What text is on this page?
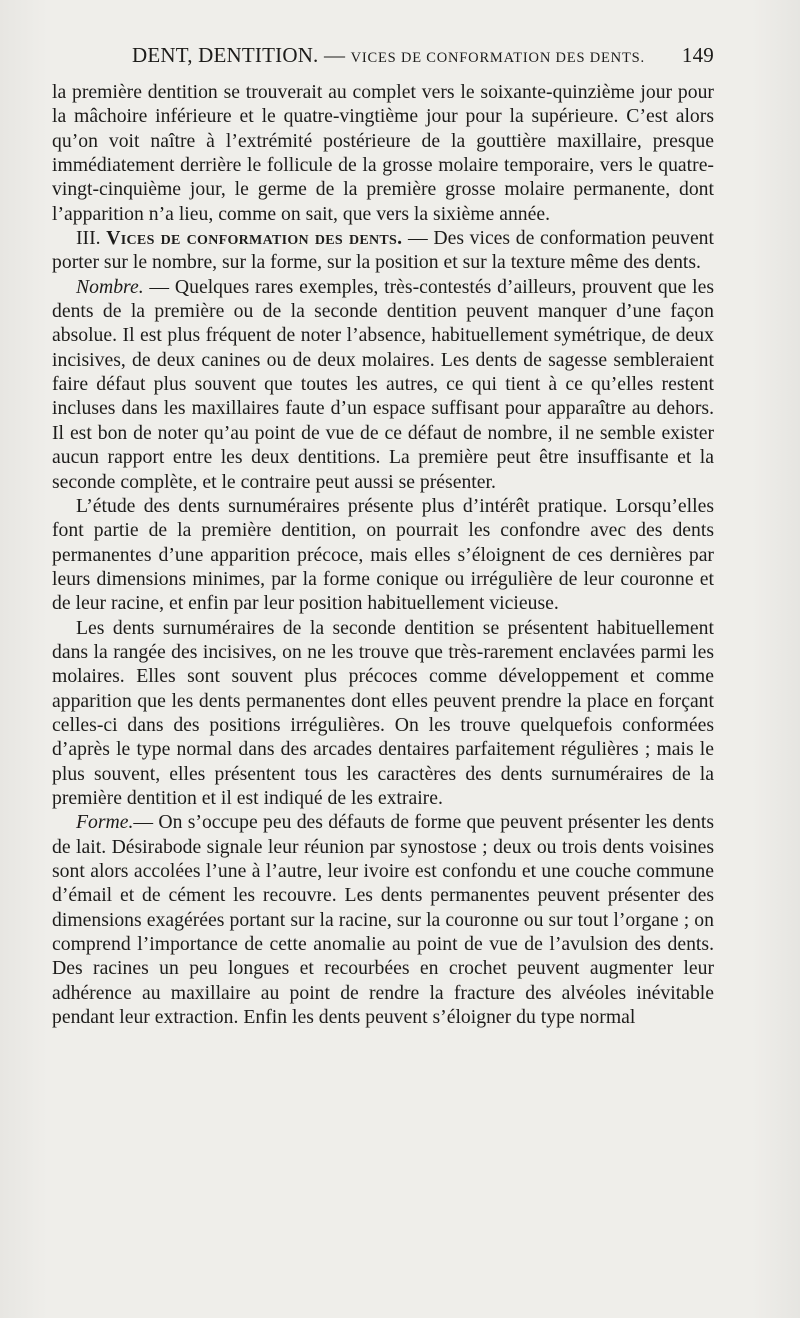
DENT, DENTITION. — VICES DE CONFORMATION DES DENTS. 149

la première dentition se trouverait au complet vers le soixante-quinzième jour pour la mâchoire inférieure et le quatre-vingtième jour pour la supérieure. C’est alors qu’on voit naître à l’extrémité postérieure de la gouttière maxillaire, presque immédiatement derrière le follicule de la grosse molaire temporaire, vers le quatre-vingt-cinquième jour, le germe de la première grosse molaire permanente, dont l’apparition n’a lieu, comme on sait, que vers la sixième année.

III. Vices de conformation des dents. — Des vices de conformation peuvent porter sur le nombre, sur la forme, sur la position et sur la texture même des dents.

Nombre. — Quelques rares exemples, très-contestés d’ailleurs, prouvent que les dents de la première ou de la seconde dentition peuvent manquer d’une façon absolue. Il est plus fréquent de noter l’absence, habituellement symétrique, de deux incisives, de deux canines ou de deux molaires. Les dents de sagesse sembleraient faire défaut plus souvent que toutes les autres, ce qui tient à ce qu’elles restent incluses dans les maxillaires faute d’un espace suffisant pour apparaître au dehors. Il est bon de noter qu’au point de vue de ce défaut de nombre, il ne semble exister aucun rapport entre les deux dentitions. La première peut être insuffisante et la seconde complète, et le contraire peut aussi se présenter.

L’étude des dents surnuméraires présente plus d’intérêt pratique. Lorsqu’elles font partie de la première dentition, on pourrait les confondre avec des dents permanentes d’une apparition précoce, mais elles s’éloignent de ces dernières par leurs dimensions minimes, par la forme conique ou irrégulière de leur couronne et de leur racine, et enfin par leur position habituellement vicieuse.

Les dents surnuméraires de la seconde dentition se présentent habituellement dans la rangée des incisives, on ne les trouve que très-rarement enclavées parmi les molaires. Elles sont souvent plus précoces comme développement et comme apparition que les dents permanentes dont elles peuvent prendre la place en forçant celles-ci dans des positions irrégulières. On les trouve quelquefois conformées d’après le type normal dans des arcades dentaires parfaitement régulières ; mais le plus souvent, elles présentent tous les caractères des dents surnuméraires de la première dentition et il est indiqué de les extraire.

Forme.— On s’occupe peu des défauts de forme que peuvent présenter les dents de lait. Désirabode signale leur réunion par synostose ; deux ou trois dents voisines sont alors accolées l’une à l’autre, leur ivoire est confondu et une couche commune d’émail et de cément les recouvre. Les dents permanentes peuvent présenter des dimensions exagérées portant sur la racine, sur la couronne ou sur tout l’organe ; on comprend l’importance de cette anomalie au point de vue de l’avulsion des dents. Des racines un peu longues et recourbées en crochet peuvent augmenter leur adhérence au maxillaire au point de rendre la fracture des alvéoles inévitable pendant leur extraction. Enfin les dents peuvent s’éloigner du type normal
